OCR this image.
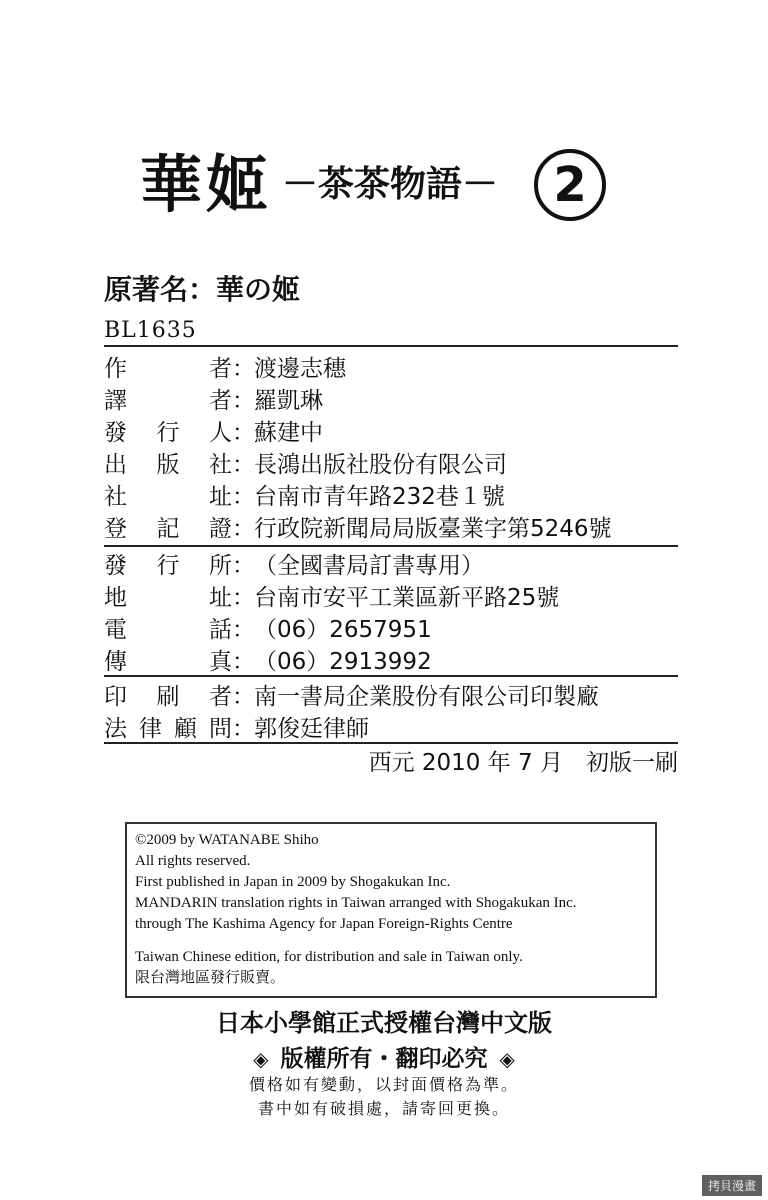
華姬 －茶茶物語－ 2
原著名：華の姬
BL1635
作	者 ： 渡邊志穗
譯	者 ： 羅凱琳
發 行 人 ： 蘇建中
出 版 社 ： 長鴻出版社股份有限公司
社	址 ： 台南市青年路232巷１號
登 記 證 ： 行政院新聞局局版臺業字第5246號
發 行 所 ： （全國書局訂書專用）
地	址 ： 台南市安平工業區新平路25號
電	話 ： （06）2657951
傳	真 ： （06）2913992
印 刷 者 ： 南一書局企業股份有限公司印製廠
法 律 顧 問 ： 郭俊廷律師
西元 2010 年 7 月　初版一刷
©2009 by WATANABE Shiho
All rights reserved.
First published in Japan in 2009 by Shogakukan Inc.
MANDARIN translation rights in Taiwan arranged with Shogakukan Inc.
through The Kashima Agency for Japan Foreign-Rights Centre
Taiwan Chinese edition, for distribution and sale in Taiwan only.
限台灣地區發行販賣。
日本小學館正式授權台灣中文版
◈ 版權所有・翻印必究 ◈
價格如有變動，以封面價格為準。
書中如有破損處，請寄回更換。
拷貝漫畫
